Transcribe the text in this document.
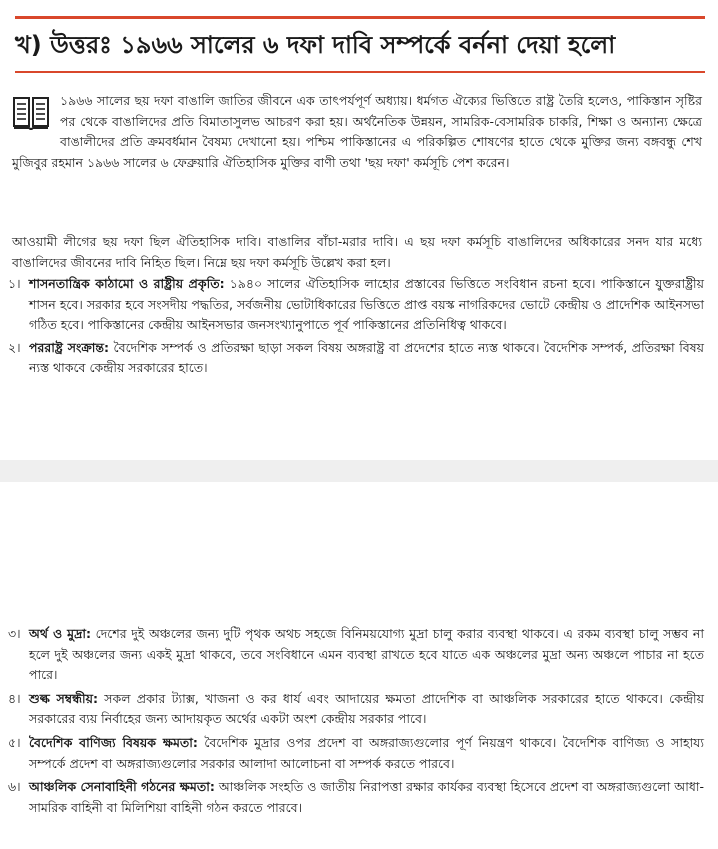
খ) উত্তরঃ ১৯৬৬ সালের ৬ দফা দাবি সম্পর্কে বর্ননা দেয়া হলো
১৯৬৬ সালের ছয় দফা বাঙালি জাতির জীবনে এক তাৎপর্যপূর্ণ অধ্যায়। ধর্মগত ঐক্যের ভিত্তিতে রাষ্ট্র তৈরি হলেও, পাকিস্তান সৃষ্টির পর থেকে বাঙালিদের প্রতি বিমাতাসুলভ আচরণ করা হয়। অর্থনৈতিক উন্নয়ন, সামরিক-বেসামরিক চাকরি, শিক্ষা ও অন্যান্য ক্ষেত্রে বাঙালীদের প্রতি ক্রমবর্ধমান বৈষম্য দেখানো হয়। পশ্চিম পাকিস্তানের এ পরিকল্পিত শোষণের হাতে থেকে মুক্তির জন্য বঙ্গবন্ধু শেখ মুজিবুর রহমান ১৯৬৬ সালের ৬ ফেব্রুয়ারি ঐতিহাসিক মুক্তির বাণী তথা 'ছয় দফা' কর্মসূচি পেশ করেন।
আওয়ামী লীগের ছয় দফা ছিল ঐতিহাসিক দাবি। বাঙালির বাঁচা-মরার দাবি। এ ছয় দফা কর্মসূচি বাঙালিদের অধিকারের সনদ যার মধ্যে বাঙালিদের জীবনের দাবি নিহিত ছিল। নিম্নে ছয় দফা কর্মসূচি উল্লেখ করা হল।
১। শাসনতান্ত্রিক কাঠামো ও রাষ্ট্রীয় প্রকৃতি: ১৯৪০ সালের ঐতিহাসিক লাহোর প্রস্তাবের ভিত্তিতে সংবিধান রচনা হবে। পাকিস্তানে যুক্তরাষ্ট্রীয় শাসন হবে। সরকার হবে সংসদীয় পদ্ধতির, সর্বজনীয় ভোটাধিকারের ভিত্তিতে প্রাপ্ত বয়স্ক নাগরিকদের ভোটে কেন্দ্রীয় ও প্রাদেশিক আইনসভা গঠিত হবে। পাকিস্তানের কেন্দ্রীয় আইনসভার জনসংখ্যানুপাতে পূর্ব পাকিস্তানের প্রতিনিধিত্ব থাকবে।
২। পররাষ্ট্র সংক্রান্ত: বৈদেশিক সম্পর্ক ও প্রতিরক্ষা ছাড়া সকল বিষয় অঙ্গরাষ্ট্র বা প্রদেশের হাতে ন্যস্ত থাকবে। বৈদেশিক সম্পর্ক, প্রতিরক্ষা বিষয় ন্যস্ত থাকবে কেন্দ্রীয় সরকারের হাতে।
৩। অর্থ ও মুদ্রা: দেশের দুই অঞ্চলের জন্য দুটি পৃথক অথচ সহজে বিনিময়যোগ্য মুদ্রা চালু করার ব্যবস্থা থাকবে। এ রকম ব্যবস্থা চালু সম্ভব না হলে দুই অঞ্চলের জন্য একই মুদ্রা থাকবে, তবে সংবিধানে এমন ব্যবস্থা রাখতে হবে যাতে এক অঞ্চলের মুদ্রা অন্য অঞ্চলে পাচার না হতে পারে।
৪। শুল্ক সম্বন্ধীয়: সকল প্রকার ট্যাক্স, খাজনা ও কর ধার্য এবং আদায়ের ক্ষমতা প্রাদেশিক বা আঞ্চলিক সরকারের হাতে থাকবে। কেন্দ্রীয় সরকারের ব্যয় নির্বাহের জন্য আদায়কৃত অর্থের একটা অংশ কেন্দ্রীয় সরকার পাবে।
৫। বৈদেশিক বাণিজ্য বিষয়ক ক্ষমতা: বৈদেশিক মুদ্রার ওপর প্রদেশ বা অঙ্গরাজ্যগুলোর পূর্ণ নিয়ন্ত্রণ থাকবে। বৈদেশিক বাণিজ্য ও সাহায্য সম্পর্কে প্রদেশ বা অঙ্গরাজ্যগুলোর সরকার আলাদা আলোচনা বা সম্পর্ক করতে পারবে।
৬। আঞ্চলিক সেনাবাহিনী গঠনের ক্ষমতা: আঞ্চলিক সংহতি ও জাতীয় নিরাপত্তা রক্ষার কার্যকর ব্যবস্থা হিসেবে প্রদেশ বা অঙ্গরাজ্যগুলো আধা-সামরিক বাহিনী বা মিলিশিয়া বাহিনী গঠন করতে পারবে।
